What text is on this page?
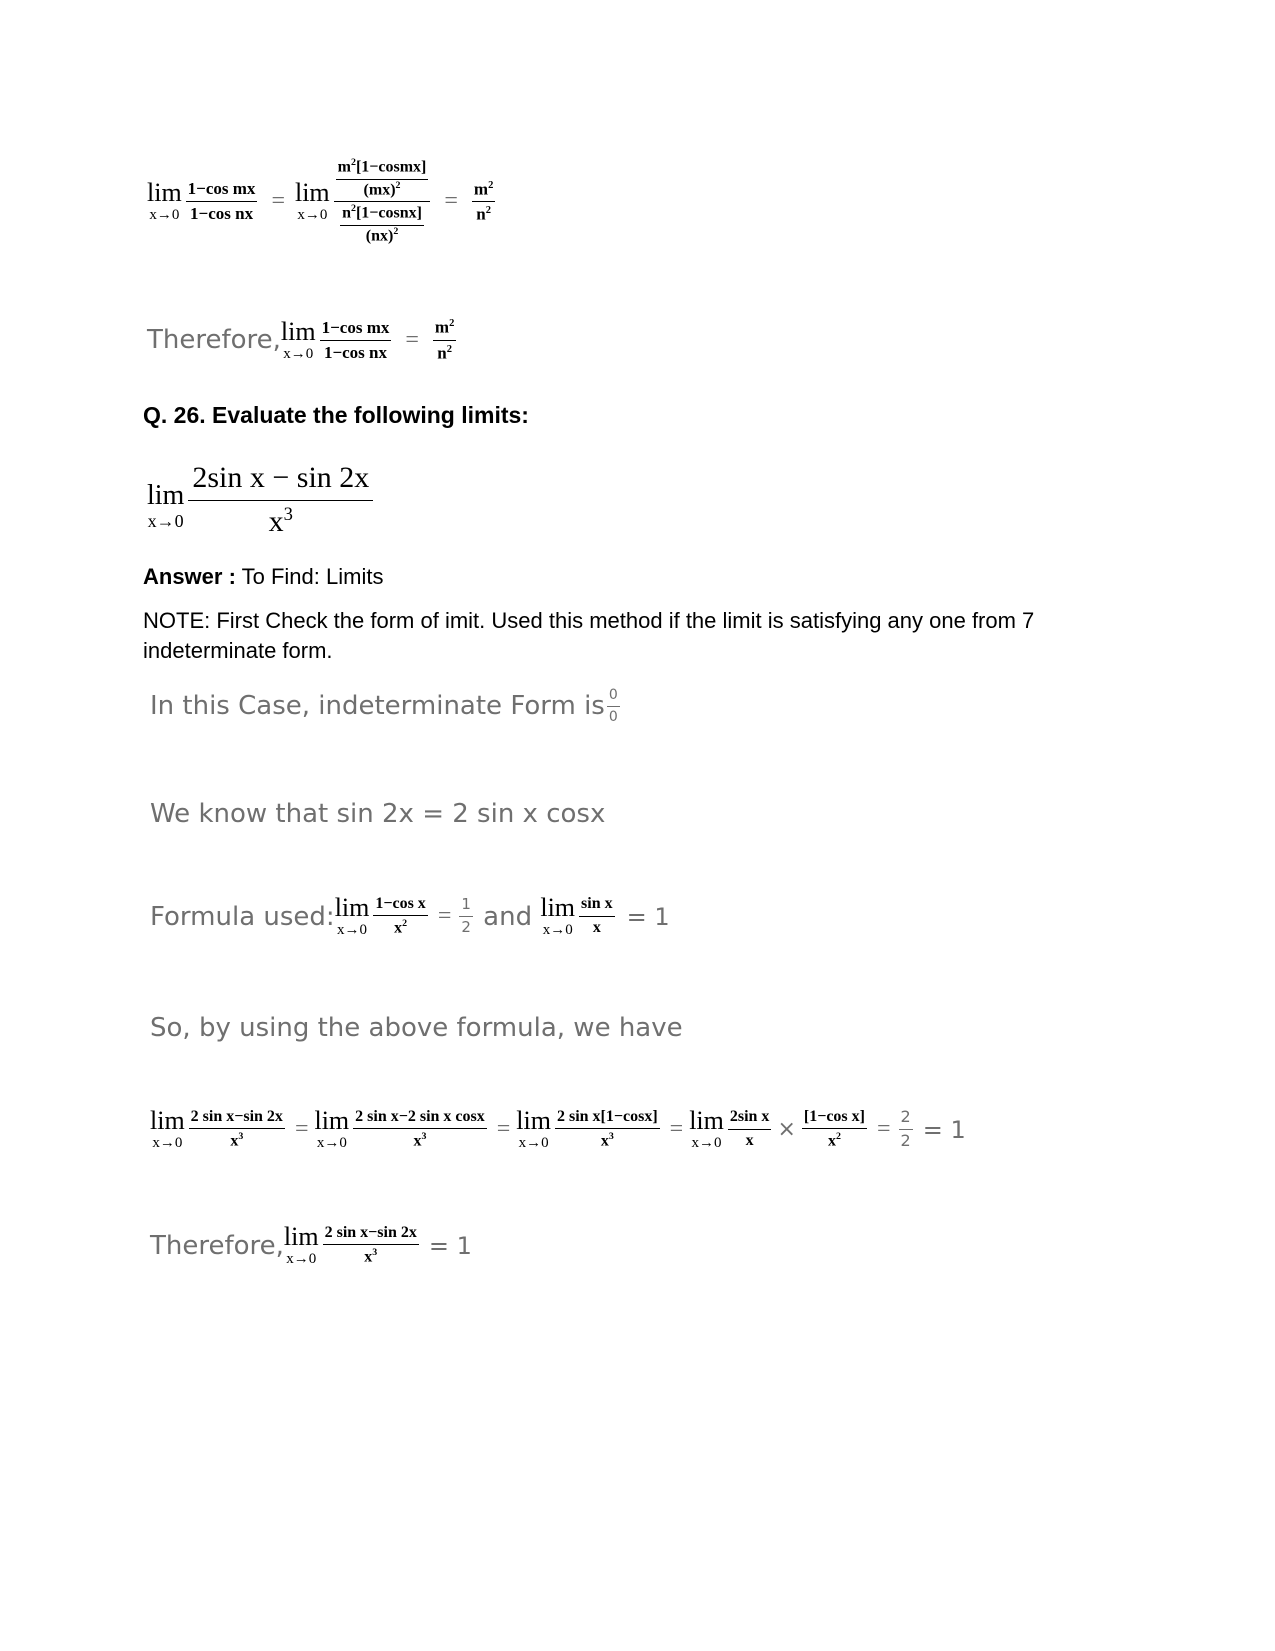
lim
$x\to 0 \frac{\text{1−cos mx}}{\text{1−cos nx}} = \lim$
$x\to 0 \frac{\frac{m^2[1-cosmx]}{(mx)^2}}{\frac{n^2[1-cosnx]}{(nx)^2}} = \frac{m^2}{n^2}$
Therefore, lim
$x\to 0 \frac{\text{1−cos mx}}{\text{1−cos nx}} = \frac{m^2}{n^2}$
Q. 26. Evaluate the following limits:
lim
$x\to 0 \frac{\text{2sin x − sin 2x}}{x^3}$
Answer : To Find: Limits
NOTE: First Check the form of imit. Used this method if the limit is satisfying any one from 7 indeterminate form.
In this Case, indeterminate Form is $\frac{0}{0}$
We know that sin 2x = 2 sin x cosx
Formula used: lim
$x\to 0 \frac{\text{1−cos x}}{x^2} = \frac{1}{2}$ and lim
$x\to 0 \frac{\text{sin x}}{x} = 1$
So, by using the above formula, we have
lim
$x\to 0 \frac{\text{2 sin x−sin 2x}}{x^3} = \lim$
$x\to 0 \frac{\text{2 sin x−2 sin x cosx}}{x^3} = \lim$
$x\to 0 \frac{\text{2 sin x[1−cosx]}}{x^3} = \lim$
$x\to 0 \frac{\text{2sin x}}{x} \times \frac{\text{[1−cos x]}}{x^2} = \frac{2}{2} = 1$
Therefore, lim
$x\to 0 \frac{\text{2 sin x−sin 2x}}{x^3} = 1$
